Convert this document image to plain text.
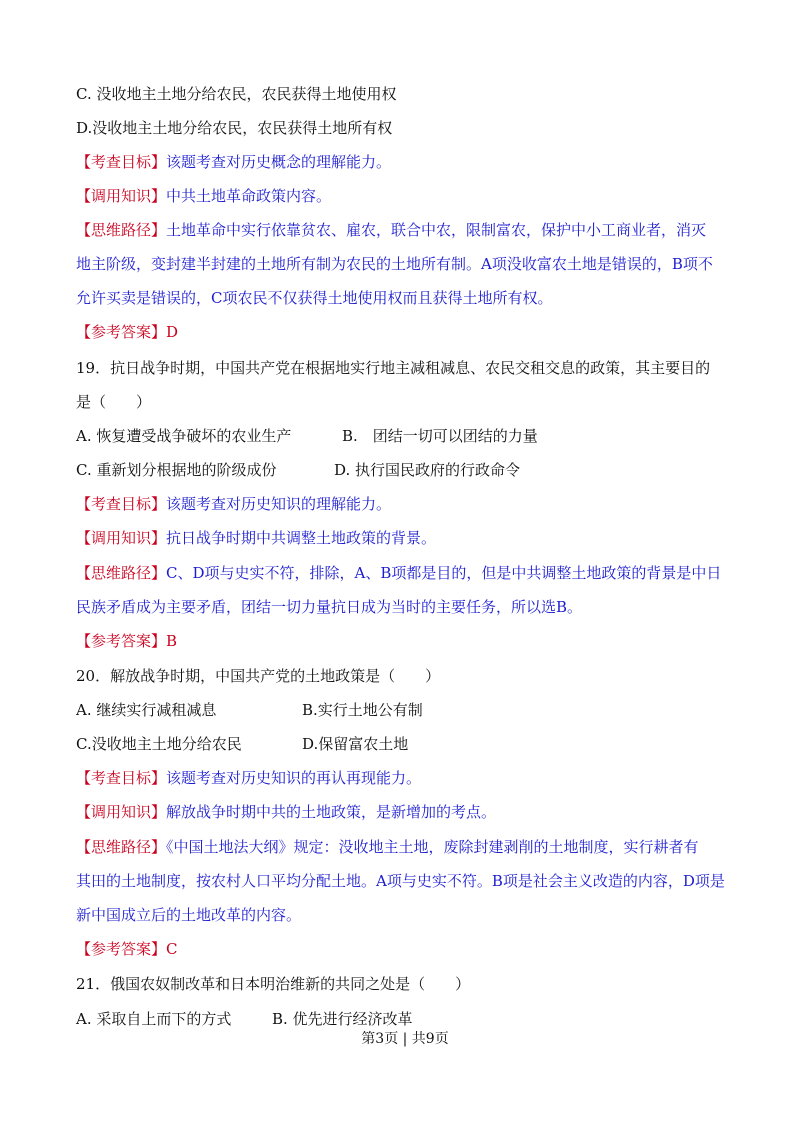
C. 没收地主土地分给农民，农民获得土地使用权
D.没收地主土地分给农民，农民获得土地所有权
【考查目标】该题考查对历史概念的理解能力。
【调用知识】中共土地革命政策内容。
【思维路径】土地革命中实行依靠贫农、雇农，联合中农，限制富农，保护中小工商业者，消灭
地主阶级，变封建半封建的土地所有制为农民的土地所有制。A项没收富农土地是错误的，B项不
允许买卖是错误的，C项农民不仅获得土地使用权而且获得土地所有权。
【参考答案】D
19．抗日战争时期，中国共产党在根据地实行地主减租减息、农民交租交息的政策，其主要目的
是（　　）
A. 恢复遭受战争破坏的农业生产	B.　团结一切可以团结的力量
C. 重新划分根据地的阶级成份	D. 执行国民政府的行政命令
【考查目标】该题考查对历史知识的理解能力。
【调用知识】抗日战争时期中共调整土地政策的背景。
【思维路径】C、D项与史实不符，排除，A、B项都是目的，但是中共调整土地政策的背景是中日
民族矛盾成为主要矛盾，团结一切力量抗日成为当时的主要任务，所以选B。
【参考答案】B
20．解放战争时期，中国共产党的土地政策是（　　）
A. 继续实行减租减息	B.实行土地公有制
C.没收地主土地分给农民	D.保留富农土地
【考查目标】该题考查对历史知识的再认再现能力。
【调用知识】解放战争时期中共的土地政策，是新增加的考点。
【思维路径】《中国土地法大纲》规定：没收地主土地，废除封建剥削的土地制度，实行耕者有
其田的土地制度，按农村人口平均分配土地。A项与史实不符。B项是社会主义改造的内容，D项是
新中国成立后的土地改革的内容。
【参考答案】C
21．俄国农奴制改革和日本明治维新的共同之处是（　　）
A. 采取自上而下的方式	B. 优先进行经济改革
第3页 | 共9页
